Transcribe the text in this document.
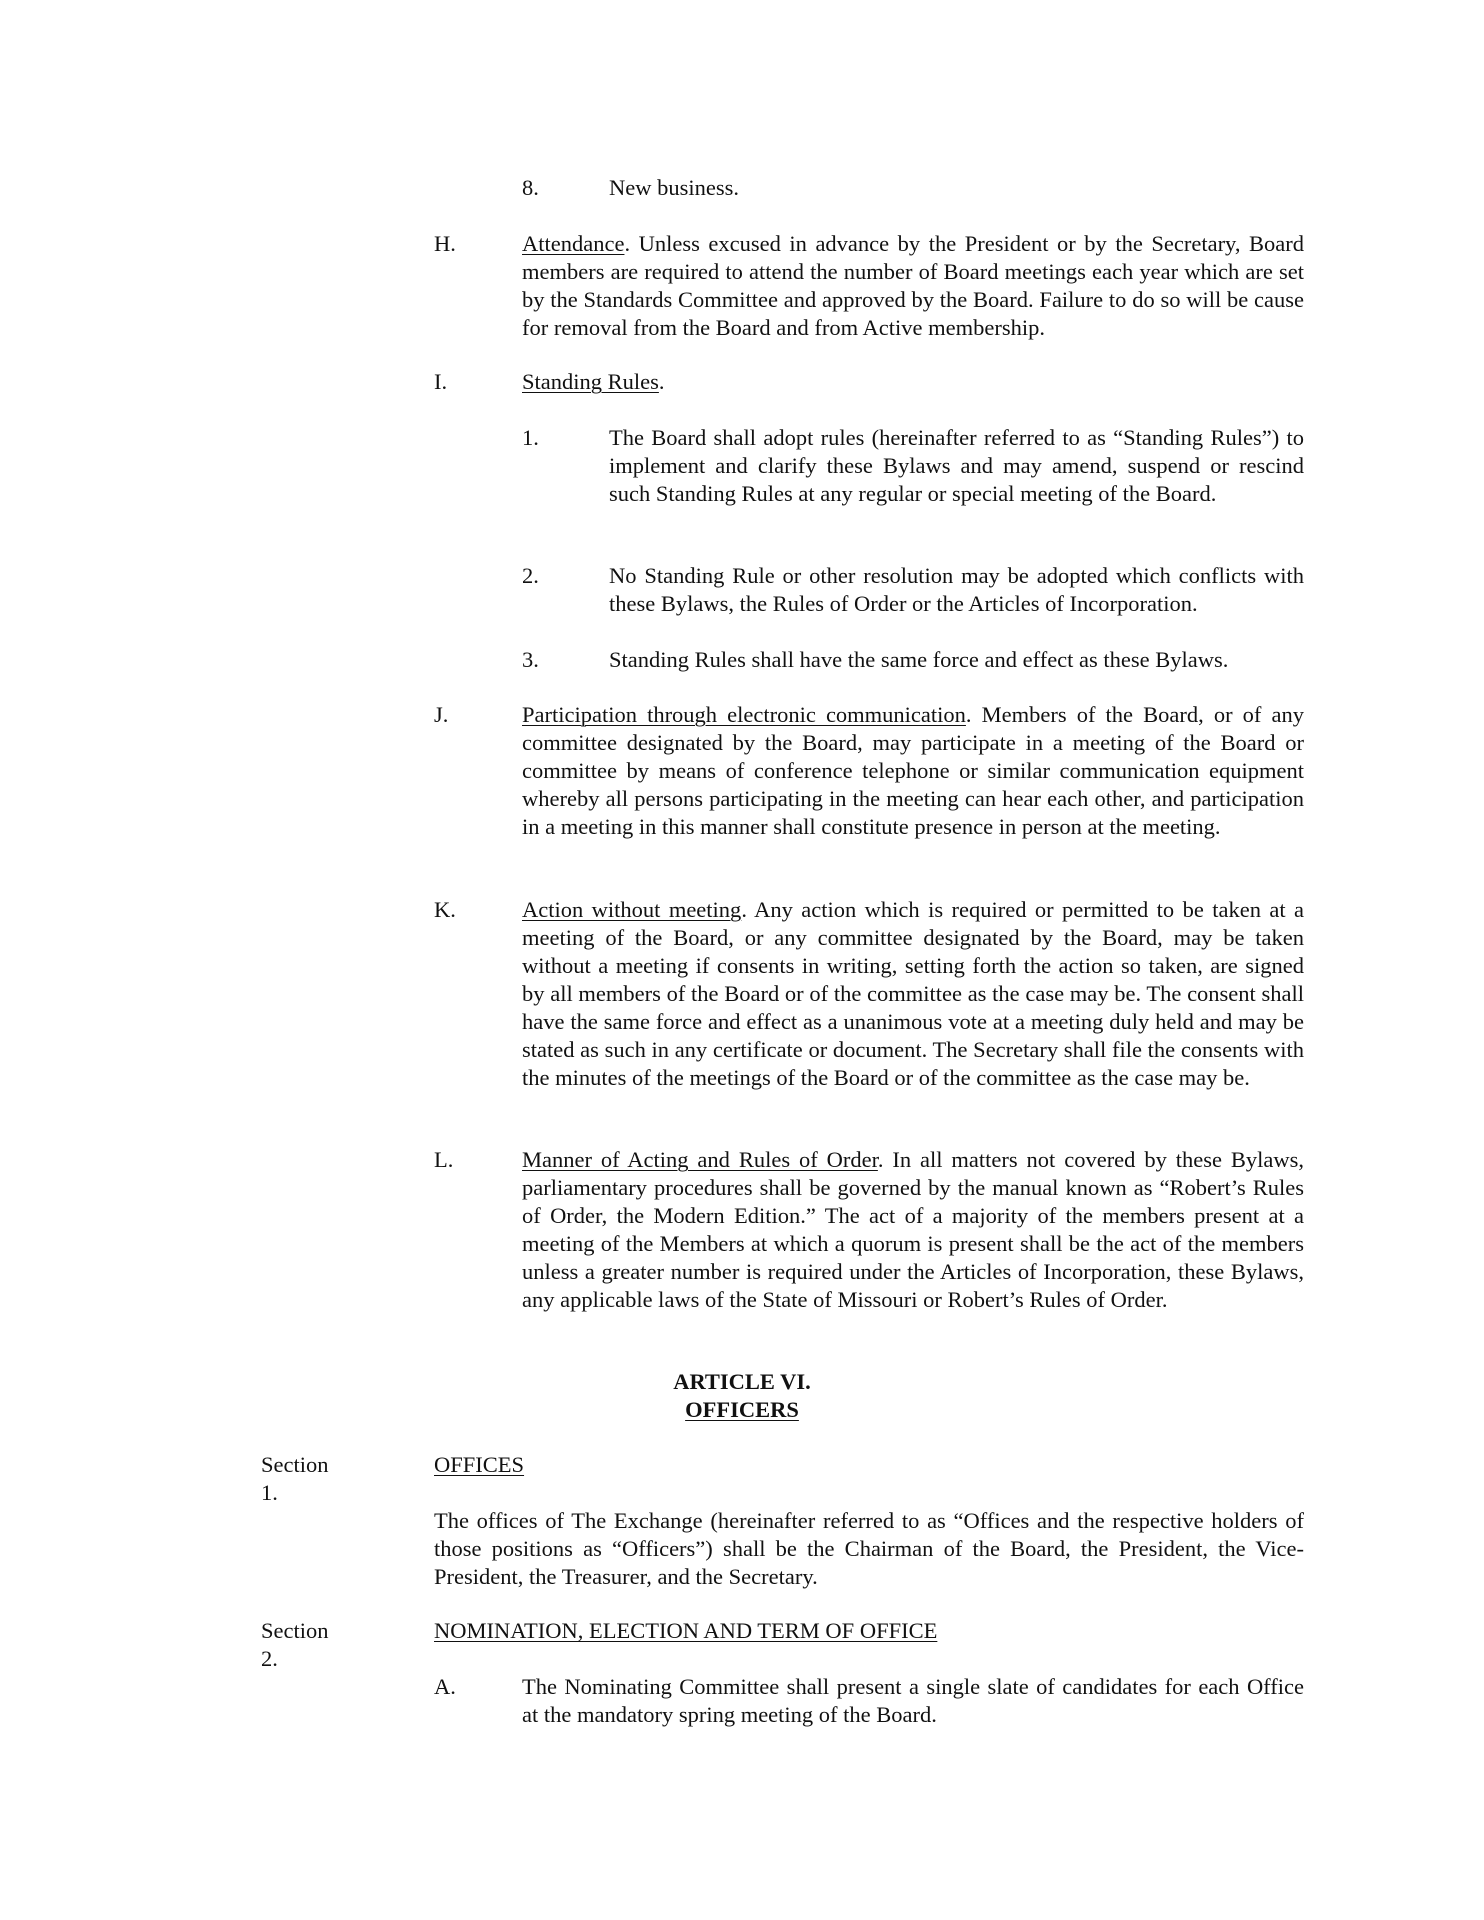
8.	New business.
H.	Attendance. Unless excused in advance by the President or by the Secretary, Board members are required to attend the number of Board meetings each year which are set by the Standards Committee and approved by the Board. Failure to do so will be cause for removal from the Board and from Active membership.
I.	Standing Rules.
1.	The Board shall adopt rules (hereinafter referred to as “Standing Rules”) to implement and clarify these Bylaws and may amend, suspend or rescind such Standing Rules at any regular or special meeting of the Board.
2.	No Standing Rule or other resolution may be adopted which conflicts with these Bylaws, the Rules of Order or the Articles of Incorporation.
3.	Standing Rules shall have the same force and effect as these Bylaws.
J.	Participation through electronic communication. Members of the Board, or of any committee designated by the Board, may participate in a meeting of the Board or committee by means of conference telephone or similar communication equipment whereby all persons participating in the meeting can hear each other, and participation in a meeting in this manner shall constitute presence in person at the meeting.
K.	Action without meeting. Any action which is required or permitted to be taken at a meeting of the Board, or any committee designated by the Board, may be taken without a meeting if consents in writing, setting forth the action so taken, are signed by all members of the Board or of the committee as the case may be. The consent shall have the same force and effect as a unanimous vote at a meeting duly held and may be stated as such in any certificate or document. The Secretary shall file the consents with the minutes of the meetings of the Board or of the committee as the case may be.
L.	Manner of Acting and Rules of Order. In all matters not covered by these Bylaws, parliamentary procedures shall be governed by the manual known as “Robert’s Rules of Order, the Modern Edition.” The act of a majority of the members present at a meeting of the Members at which a quorum is present shall be the act of the members unless a greater number is required under the Articles of Incorporation, these Bylaws, any applicable laws of the State of Missouri or Robert’s Rules of Order.
ARTICLE VI.
OFFICERS
Section 1.
OFFICES
The offices of The Exchange (hereinafter referred to as “Offices and the respective holders of those positions as “Officers”) shall be the Chairman of the Board, the President, the Vice-President, the Treasurer, and the Secretary.
Section 2.
NOMINATION, ELECTION AND TERM OF OFFICE
A.	The Nominating Committee shall present a single slate of candidates for each Office at the mandatory spring meeting of the Board.
